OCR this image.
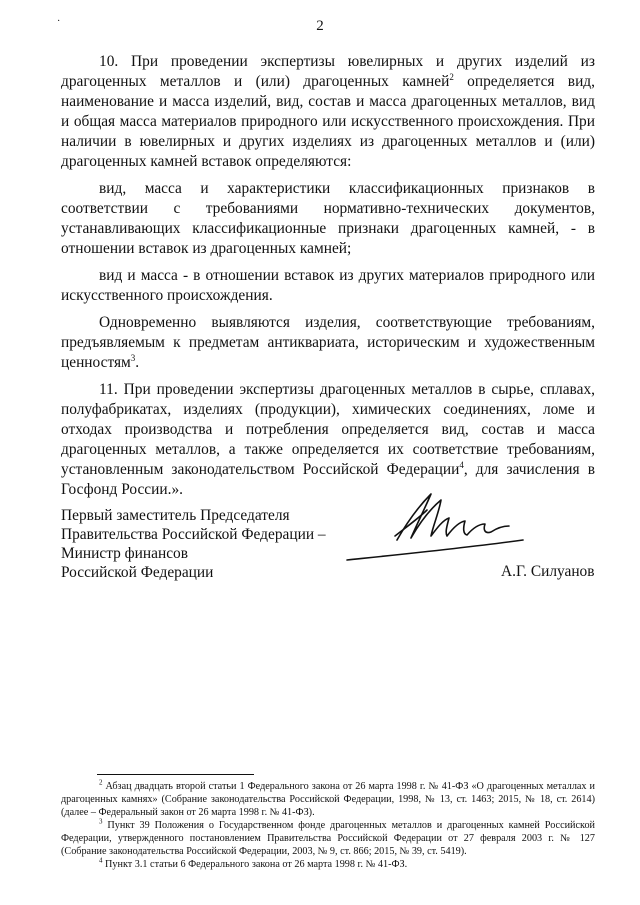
·	2

10. При проведении экспертизы ювелирных и других изделий из драгоценных металлов и (или) драгоценных камней$^2$ определяется вид, наименование и масса изделий, вид, состав и масса драгоценных металлов, вид и общая масса материалов природного или искусственного происхождения. При наличии в ювелирных и других изделиях из драгоценных металлов и (или) драгоценных камней вставок определяются:

вид, масса и характеристики классификационных признаков в соответствии с требованиями нормативно-технических документов, устанавливающих классификационные признаки драгоценных камней, - в отношении вставок из драгоценных камней;

вид и масса - в отношении вставок из других материалов природного или искусственного происхождения.

Одновременно выявляются изделия, соответствующие требованиям, предъявляемым к предметам антиквариата, историческим и художественным ценностям$^3$.

11. При проведении экспертизы драгоценных металлов в сырье, сплавах, полуфабрикатах, изделиях (продукции), химических соединениях, ломе и отходах производства и потребления определяется вид, состав и масса драгоценных металлов, а также определяется их соответствие требованиям, установленным законодательством Российской Федерации$^4$, для зачисления в Госфонд России.».

Первый заместитель Председателя
Правительства Российской Федерации –
Министр финансов
Российской Федерации	А.Г. Силуанов

$^2$ Абзац двадцать второй статьи 1 Федерального закона от 26 марта 1998 г. № 41-ФЗ «О драгоценных металлах и драгоценных камнях» (Собрание законодательства Российской Федерации, 1998, № 13, ст. 1463; 2015, № 18, ст. 2614) (далее – Федеральный закон от 26 марта 1998 г. № 41-ФЗ).

$^3$ Пункт 39 Положения о Государственном фонде драгоценных металлов и драгоценных камней Российской Федерации, утвержденного постановлением Правительства Российской Федерации от 27 февраля 2003 г. № 127 (Собрание законодательства Российской Федерации, 2003, № 9, ст. 866; 2015, № 39, ст. 5419).

$^4$ Пункт 3.1 статьи 6 Федерального закона от 26 марта 1998 г. № 41-ФЗ.
